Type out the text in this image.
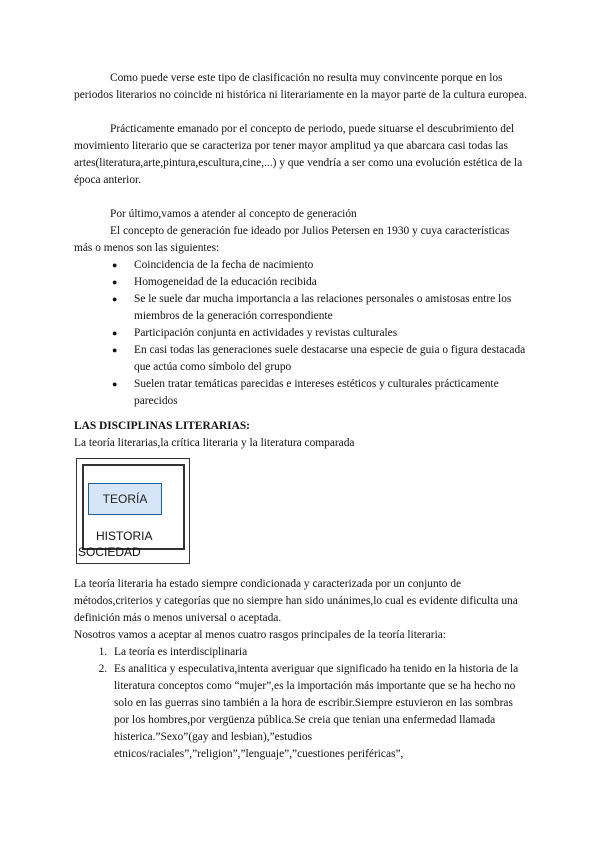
Como puede verse este tipo de clasificación no resulta muy convincente porque en los periodos literarios no coincide ni histórica ni literariamente en la mayor parte de la cultura europea.

Prácticamente emanado por el concepto de periodo, puede situarse el descubrimiento del movimiento literario que se caracteriza por tener mayor amplitud ya que abarcara casi todas las artes(literatura,arte,pintura,escultura,cine,...) y que vendría a ser como una evolución estética de la época anterior.

Por último,vamos a atender al concepto de generación

El concepto de generación fue ideado por Julios Petersen en 1930 y cuya características más o menos son las siguientes:

● Coincidencia de la fecha de nacimiento
● Homogeneidad de la educación recibida
● Se le suele dar mucha importancia a las relaciones personales o amistosas entre los miembros de la generación correspondiente
● Participación conjunta en actividades y revistas culturales
● En casi todas las generaciones suele destacarse una especie de guia o figura destacada que actúa como símbolo del grupo
● Suelen tratar temáticas parecidas e intereses estéticos y culturales prácticamente parecidos

LAS DISCIPLINAS LITERARIAS:

La teoría literarias,la crítica literaria y la literatura comparada

TEORÍA
HISTORIA
SOCIEDAD

La teoría literaria ha estado siempre condicionada y caracterizada por un conjunto de métodos,criterios y categorías que no siempre han sido unánimes,lo cual es evidente dificulta una definición más o menos universal o aceptada.

Nosotros vamos a aceptar al menos cuatro rasgos principales de la teoría literaria:

1. La teoría es interdisciplinaria
2. Es analitica y especulativa,intenta averiguar que significado ha tenido en la historia de la literatura conceptos como “mujer”,es la importación más importante que se ha hecho no solo en las guerras sino también a la hora de escribir.Siempre estuvieron en las sombras por los hombres,por vergüenza pública.Se creia que tenian una enfermedad llamada histerica.”Sexo”(gay and lesbian),”estudios etnicos/raciales”,”religion”,”lenguaje”,”cuestiones periféricas”,
